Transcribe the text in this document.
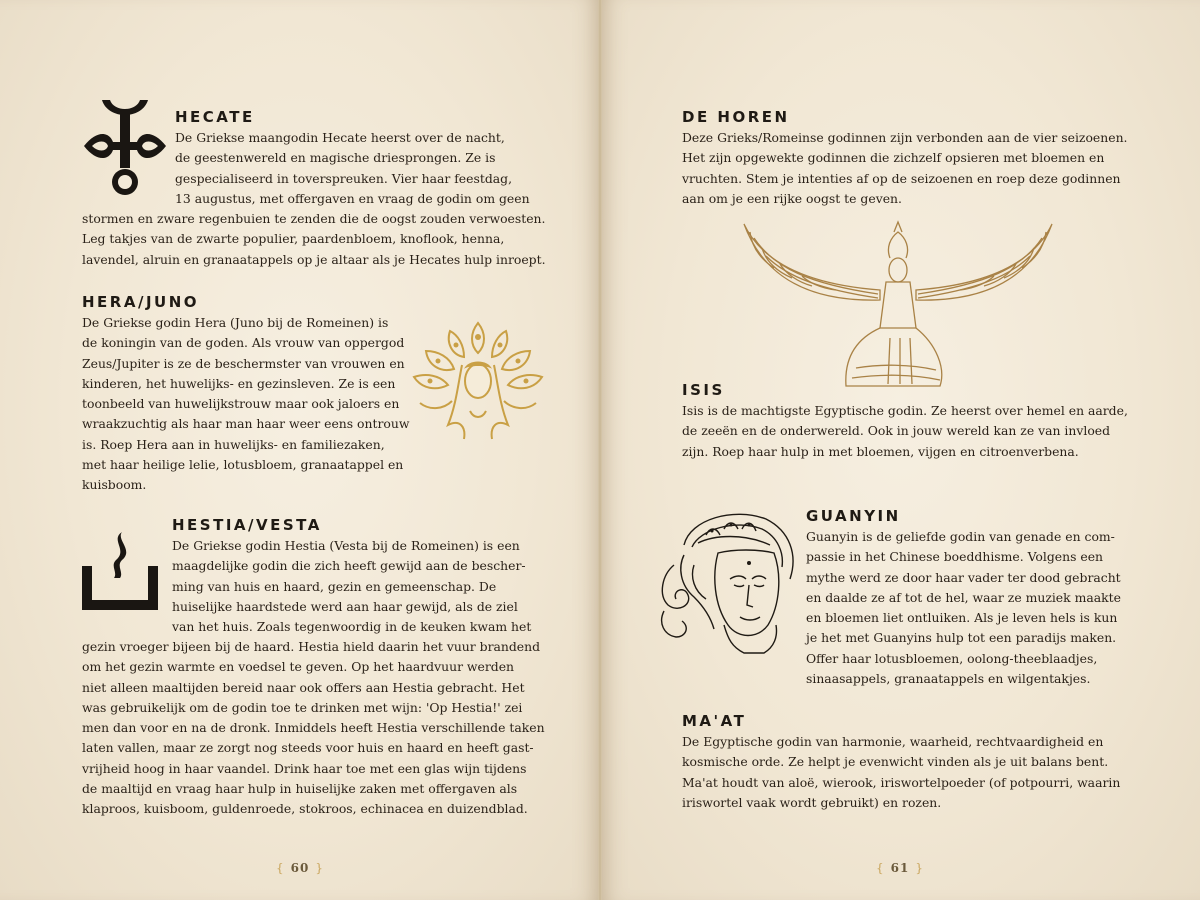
HECATE
De Griekse maangodin Hecate heerst over de nacht,
de geestenwereld en magische driesprongen. Ze is
gespecialiseerd in toverspreuken. Vier haar feestdag,
13 augustus, met offergaven en vraag de godin om geen
stormen en zware regenbuien te zenden die de oogst zouden verwoesten.
Leg takjes van de zwarte populier, paardenbloem, knoflook, henna,
lavendel, alruin en granaatappels op je altaar als je Hecates hulp inroept.
HERA/JUNO
De Griekse godin Hera (Juno bij de Romeinen) is
de koningin van de goden. Als vrouw van oppergod
Zeus/Jupiter is ze de beschermster van vrouwen en
kinderen, het huwelijks- en gezinsleven. Ze is een
toonbeeld van huwelijkstrouw maar ook jaloers en
wraakzuchtig als haar man haar weer eens ontrouw
is. Roep Hera aan in huwelijks- en familiezaken,
met haar heilige lelie, lotusbloem, granaatappel en
kuisboom.
HESTIA/VESTA
De Griekse godin Hestia (Vesta bij de Romeinen) is een
maagdelijke godin die zich heeft gewijd aan de bescher-
ming van huis en haard, gezin en gemeenschap. De
huiselijke haardstede werd aan haar gewijd, als de ziel
van het huis. Zoals tegenwoordig in de keuken kwam het
gezin vroeger bijeen bij de haard. Hestia hield daarin het vuur brandend
om het gezin warmte en voedsel te geven. Op het haardvuur werden
niet alleen maaltijden bereid naar ook offers aan Hestia gebracht. Het
was gebruikelijk om de godin toe te drinken met wijn: 'Op Hestia!' zei
men dan voor en na de dronk. Inmiddels heeft Hestia verschillende taken
laten vallen, maar ze zorgt nog steeds voor huis en haard en heeft gast-
vrijheid hoog in haar vaandel. Drink haar toe met een glas wijn tijdens
de maaltijd en vraag haar hulp in huiselijke zaken met offergaven als
klaproos, kuisboom, guldenroede, stokroos, echinacea en duizendblad.
{ 60 }
DE HOREN
Deze Grieks/Romeinse godinnen zijn verbonden aan de vier seizoenen.
Het zijn opgewekte godinnen die zichzelf opsieren met bloemen en
vruchten. Stem je intenties af op de seizoenen en roep deze godinnen
aan om je een rijke oogst te geven.
ISIS
Isis is de machtigste Egyptische godin. Ze heerst over hemel en aarde,
de zeeën en de onderwereld. Ook in jouw wereld kan ze van invloed
zijn. Roep haar hulp in met bloemen, vijgen en citroenverbena.
GUANYIN
Guanyin is de geliefde godin van genade en com-
passie in het Chinese boeddhisme. Volgens een
mythe werd ze door haar vader ter dood gebracht
en daalde ze af tot de hel, waar ze muziek maakte
en bloemen liet ontluiken. Als je leven hels is kun
je het met Guanyins hulp tot een paradijs maken.
Offer haar lotusbloemen, oolong-theeblaadjes,
sinaasappels, granaatappels en wilgentakjes.
MA'AT
De Egyptische godin van harmonie, waarheid, rechtvaardigheid en
kosmische orde. Ze helpt je evenwicht vinden als je uit balans bent.
Ma'at houdt van aloë, wierook, iriswortelpoeder (of potpourri, waarin
iriswortel vaak wordt gebruikt) en rozen.
{ 61 }
